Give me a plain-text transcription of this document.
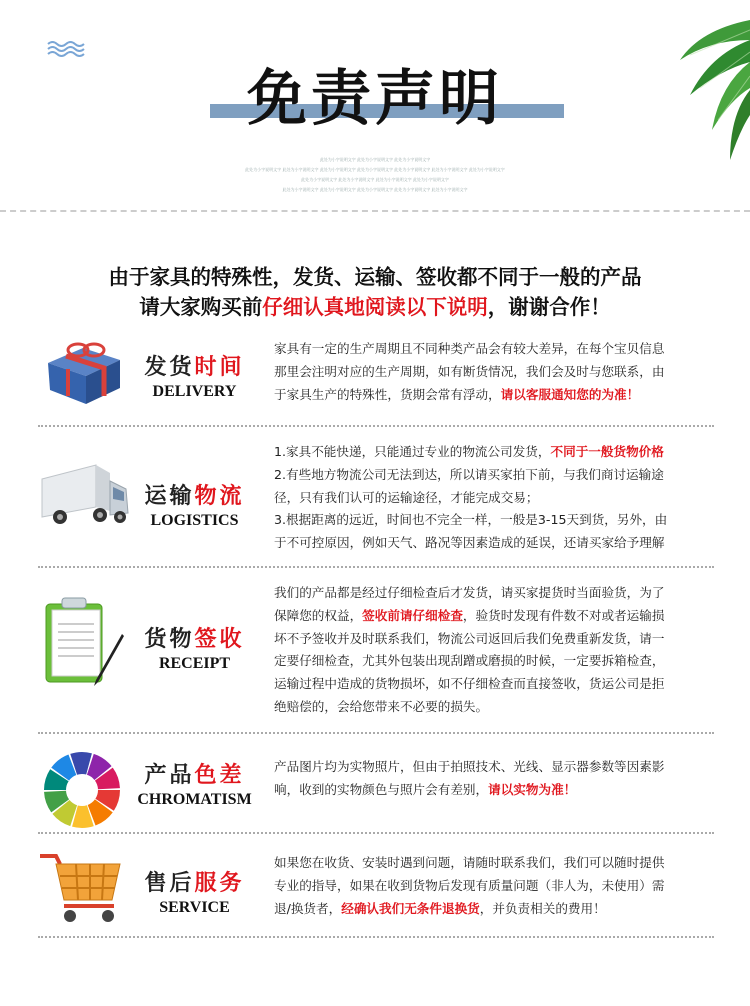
免责声明
此处为小字说明文字 此处为小字说明文字 此处为小字说明文字
此处为小字说明文字 此处为小字说明文字 此处为小字说明文字 此处为小字说明文字 此处为小字说明文字 此处为小字说明文字 此处为小字说明文字
此处为小字说明文字 此处为小字说明文字 此处为小字说明文字 此处为小字说明文字
此处为小字说明文字 此处为小字说明文字 此处为小字说明文字 此处为小字说明文字 此处为小字说明文字
由于家具的特殊性，发货、运输、签收都不同于一般的产品
请大家购买前仔细认真地阅读以下说明，谢谢合作！
发货时间
DELIVERY

家具有一定的生产周期且不同种类产品会有较大差异，在每个宝贝信息

那里会注明对应的生产周期，如有断货情况，我们会及时与您联系，由

于家具生产的特殊性，货期会常有浮动，请以客服通知您的为准！

运输物流
LOGISTICS

1.家具不能快递，只能通过专业的物流公司发货，不同于一般货物价格

2.有些地方物流公司无法到达，所以请买家拍下前，与我们商讨运输途

径，只有我们认可的运输途径，才能完成交易；

3.根据距离的远近，时间也不完全一样，一般是3-15天到货，另外，由

于不可控原因，例如天气、路况等因素造成的延误，还请买家给予理解

货物签收
RECEIPT

我们的产品都是经过仔细检查后才发货，请买家提货时当面验货，为了

保障您的权益，签收前请仔细检查，验货时发现有件数不对或者运输损

坏不予签收并及时联系我们，物流公司返回后我们免费重新发货，请一

定要仔细检查，尤其外包装出现刮蹭或磨损的时候，一定要拆箱检查，

运输过程中造成的货物损坏，如不仔细检查而直接签收，货运公司是拒

绝赔偿的，会给您带来不必要的损失。

产品色差
CHROMATISM

产品图片均为实物照片，但由于拍照技术、光线、显示器参数等因素影

响，收到的实物颜色与照片会有差别，请以实物为准！

售后服务
SERVICE

如果您在收货、安装时遇到问题，请随时联系我们，我们可以随时提供

专业的指导，如果在收到货物后发现有质量问题（非人为，未使用）需

退/换货者，经确认我们无条件退换货，并负责相关的费用！
